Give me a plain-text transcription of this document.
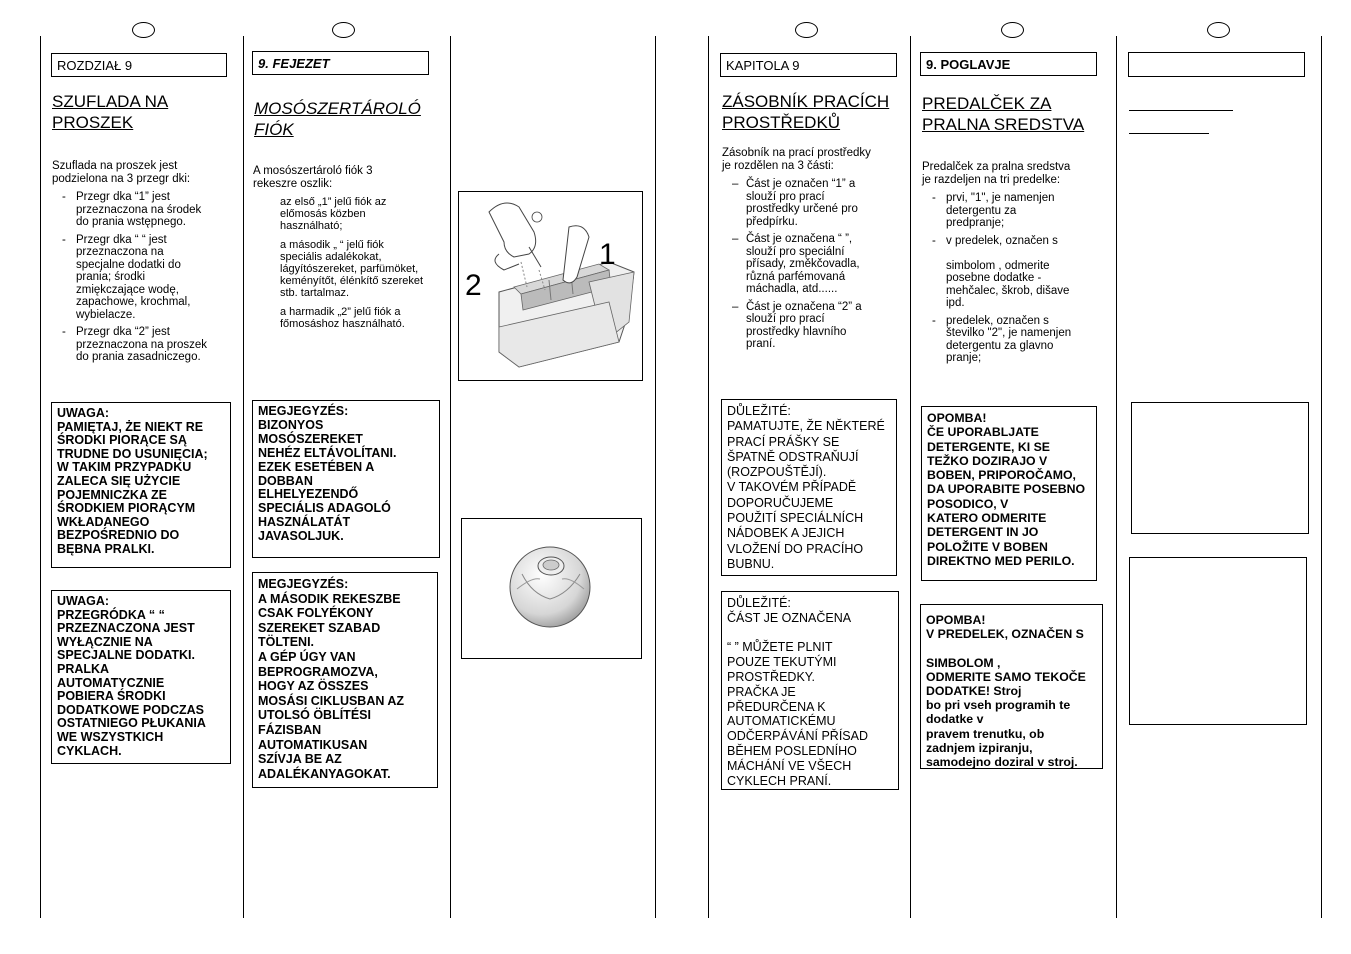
ROZDZIAŁ 9
SZUFLADA NA
PROSZEK
Szuflada na proszek jest
podzielona na 3 przegr dki:
- Przegr dka “1” jest
przeznaczona na środek
do prania wstępnego.
- Przegr dka “ “ jest
przeznaczona na
specjalne dodatki do
prania; środki
zmiękczające wodę,
zapachowe, krochmal,
wybielacze.
- Przegr dka “2” jest
przeznaczona na proszek
do prania zasadniczego.
UWAGA:
PAMIĘTAJ, ŻE NIEKT RE
ŚRODKI PIORĄCE SĄ
TRUDNE DO USUNIĘCIA;
W TAKIM PRZYPADKU
ZALECA SIĘ UŻYCIE
POJEMNICZKA ZE
ŚRODKIEM PIORĄCYM
WKŁADANEGO
BEZPOŚREDNIO DO
BĘBNA PRALKI.
UWAGA:
PRZEGRÓDKA “ “
PRZEZNACZONA JEST
WYŁĄCZNIE NA
SPECJALNE DODATKI.
PRALKA
AUTOMATYCZNIE
POBIERA ŚRODKI
DODATKOWE PODCZAS
OSTATNIEGO PŁUKANIA
WE WSZYSTKICH
CYKLACH.
9. FEJEZET
MOSÓSZERTÁROLÓ
FIÓK
A mosószertároló fiók 3
rekeszre oszlik:

az első „1” jelű fiók az
előmosás közben
használható;

a második „ “ jelű fiók
speciális adalékokat,
lágyítószereket, parfümöket,
keményítőt, élénkítő szereket
stb. tartalmaz.

a harmadik „2” jelű fiók a
főmosáshoz használható.

MEGJEGYZÉS:
BIZONYOS
MOSÓSZEREKET
NEHÉZ ELTÁVOLÍTANI.
EZEK ESETÉBEN A
DOBBAN
ELHELYEZENDŐ
SPECIÁLIS ADAGOLÓ
HASZNÁLATÁT
JAVASOLJUK.
MEGJEGYZÉS:
A MÁSODIK REKESZBE
CSAK FOLYÉKONY
SZEREKET SZABAD
TÖLTENI.
A GÉP ÚGY VAN
BEPROGRAMOZVA,
HOGY AZ ÖSSZES
MOSÁSI CIKLUSBAN AZ
UTOLSÓ ÖBLÍTÉSI
FÁZISBAN
AUTOMATIKUSAN
SZÍVJA BE AZ
ADALÉKANYAGOKAT.
1
2
KAPITOLA 9
ZÁSOBNÍK PRACÍCH
PROSTŘEDKŮ
Zásobník na prací prostředky
je rozdělen na 3 části:
– Část je označen “1” a
slouží pro prací
prostředky určené pro
předpírku.
– Část je označena “ ”,
slouží pro speciální
přísady, změkčovadla,
různá parfémovaná
máchadla, atd......
– Část je označena “2” a
slouží pro prací
prostředky hlavního
praní.
DŮLEŽITÉ:
PAMATUJTE, ŽE NĚKTERÉ
PRACÍ PRÁŠKY SE
ŠPATNĚ ODSTRAŇUJÍ
(ROZPOUŠTĚJÍ).
V TAKOVÉM PŘÍPADĚ
DOPORUČUJEME
POUŽITÍ SPECIÁLNÍCH
NÁDOBEK A JEJICH
VLOŽENÍ DO PRACÍHO
BUBNU.
DŮLEŽITÉ:
ČÁST JE OZNAČENA

“ ” MŮŽETE PLNIT
POUZE TEKUTÝMI
PROSTŘEDKY.
PRAČKA JE
PŘEDURČENA K
AUTOMATICKÉMU
ODČERPÁVÁNÍ PŘÍSAD
BĚHEM POSLEDNÍHO
MÁCHÁNÍ VE VŠECH
CYKLECH PRANÍ.
9. POGLAVJE
PREDALČEK ZA
PRALNA SREDSTVA
Predalček za pralna sredstva
je razdeljen na tri predelke:
- prvi, "1", je namenjen
detergentu za
predpranje;
- v predelek, označen s

simbolom , odmerite
posebne dodatke -
mehčalec, škrob, dišave
ipd.
- predelek, označen s
številko "2", je namenjen
detergentu za glavno
pranje;
OPOMBA!
ČE UPORABLJATE
DETERGENTE, KI SE
TEŽKO DOZIRAJO V
BOBEN, PRIPOROČAMO,
DA UPORABITE POSEBNO
POSODICO, V
KATERO ODMERITE
DETERGENT IN JO
POLOŽITE V BOBEN
DIREKTNO MED PERILO.
OPOMBA!
V PREDELEK, OZNAČEN S

SIMBOLOM ,
ODMERITE SAMO TEKOČE
DODATKE! Stroj
bo pri vseh programih te
dodatke v
pravem trenutku, ob
zadnjem izpiranju,
samodejno doziral v stroj.
